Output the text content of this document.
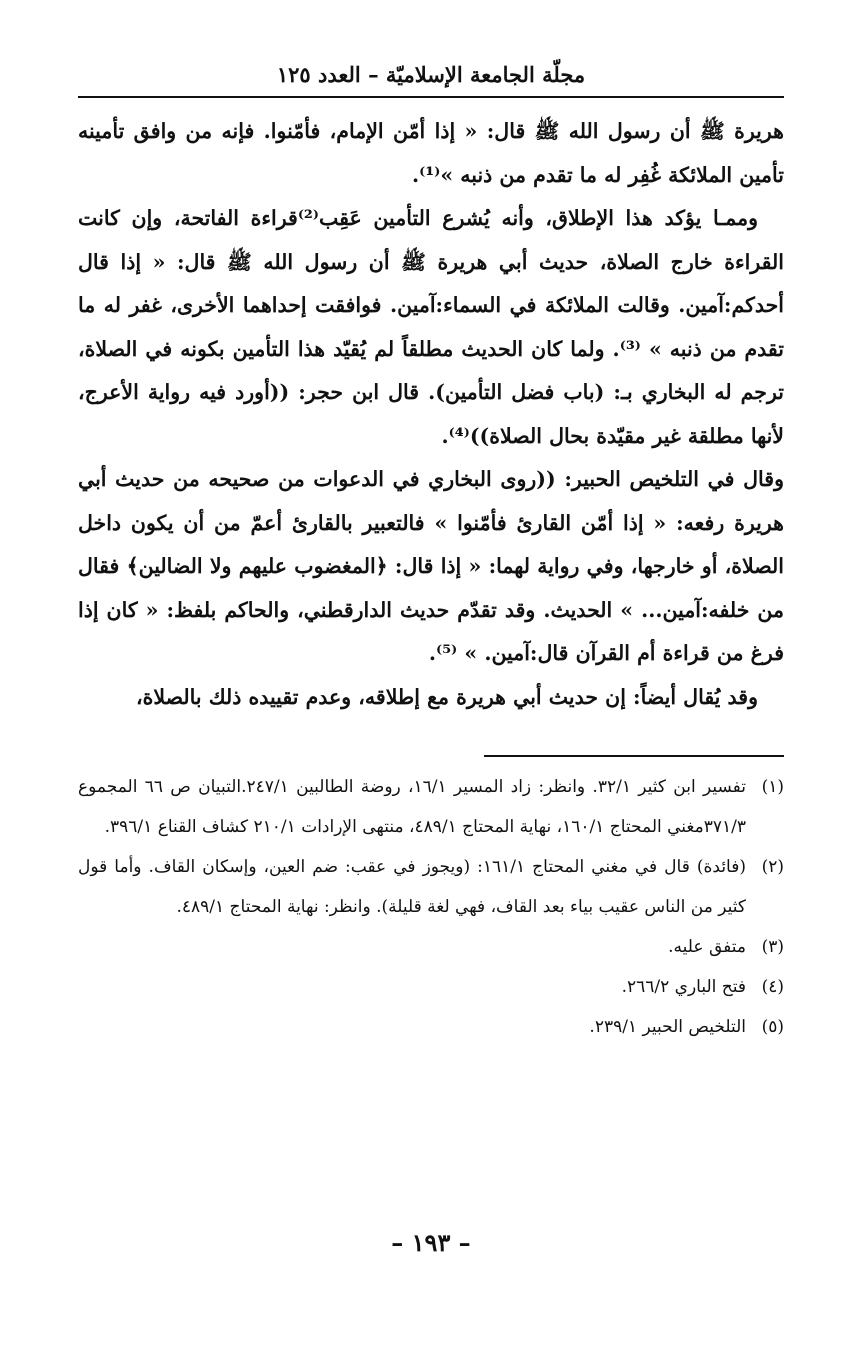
مجلّة الجامعة الإسلاميّة – العدد ١٢٥

هريرة ﷺ أن رسول الله ﷺ قال: « إذا أمّن الإمام، فأمّنوا. فإنه من وافق تأمينه تأمين الملائكة غُفِر له ما تقدم من ذنبه »⁽¹⁾.

وممـا يؤكد هذا الإطلاق، وأنه يُشرع التأمين عَقِب⁽²⁾قراءة الفاتحة، وإن كانت القراءة خارج الصلاة، حديث أبي هريرة ﷺ أن رسول الله ﷺ قال: « إذا قال أحدكم:آمين. وقالت الملائكة في السماء:آمين. فوافقت إحداهما الأخرى، غفر له ما تقدم من ذنبه » ⁽³⁾. ولما كان الحديث مطلقاً لم يُقيّد هذا التأمين بكونه في الصلاة، ترجم له البخاري بـ: (باب فضل التأمين). قال ابن حجر: ((أورد فيه رواية الأعرج، لأنها مطلقة غير مقيّدة بحال الصلاة))⁽⁴⁾.

وقال في التلخيص الحبير: ((روى البخاري في الدعوات من صحيحه من حديث أبي هريرة رفعه: « إذا أمّن القارئ فأمّنوا » فالتعبير بالقارئ أعمّ من أن يكون داخل الصلاة، أو خارجها، وفي رواية لهما: « إذا قال: ﴿المغضوب عليهم ولا الضالين﴾ فقال من خلفه:آمين... » الحديث. وقد تقدّم حديث الدارقطني، والحاكم بلفظ: « كان إذا فرغ من قراءة أم القرآن قال:آمين. » ⁽⁵⁾.

وقد يُقال أيضاً: إن حديث أبي هريرة مع إطلاقه، وعدم تقييده ذلك بالصلاة،

(١)
تفسير ابن كثير ٣٢/١. وانظر: زاد المسير ١٦/١، روضة الطالبين ٢٤٧/١.التبيان ص ٦٦ المجموع ٣٧١/٣مغني المحتاج ١٦٠/١، نهاية المحتاج ٤٨٩/١، منتهى الإرادات ٢١٠/١ كشاف القناع ٣٩٦/١.
(٢)
(فائدة) قال في مغني المحتاج ١٦١/١: (ويجوز في عقب: ضم العين، وإسكان القاف. وأما قول كثير من الناس عقيب بياء بعد القاف، فهي لغة قليلة). وانظر: نهاية المحتاج ٤٨٩/١.
(٣)
متفق عليه.
(٤)
فتح الباري ٢٦٦/٢.
(٥)
التلخيص الحبير ٢٣٩/١.
– ١٩٣ –
